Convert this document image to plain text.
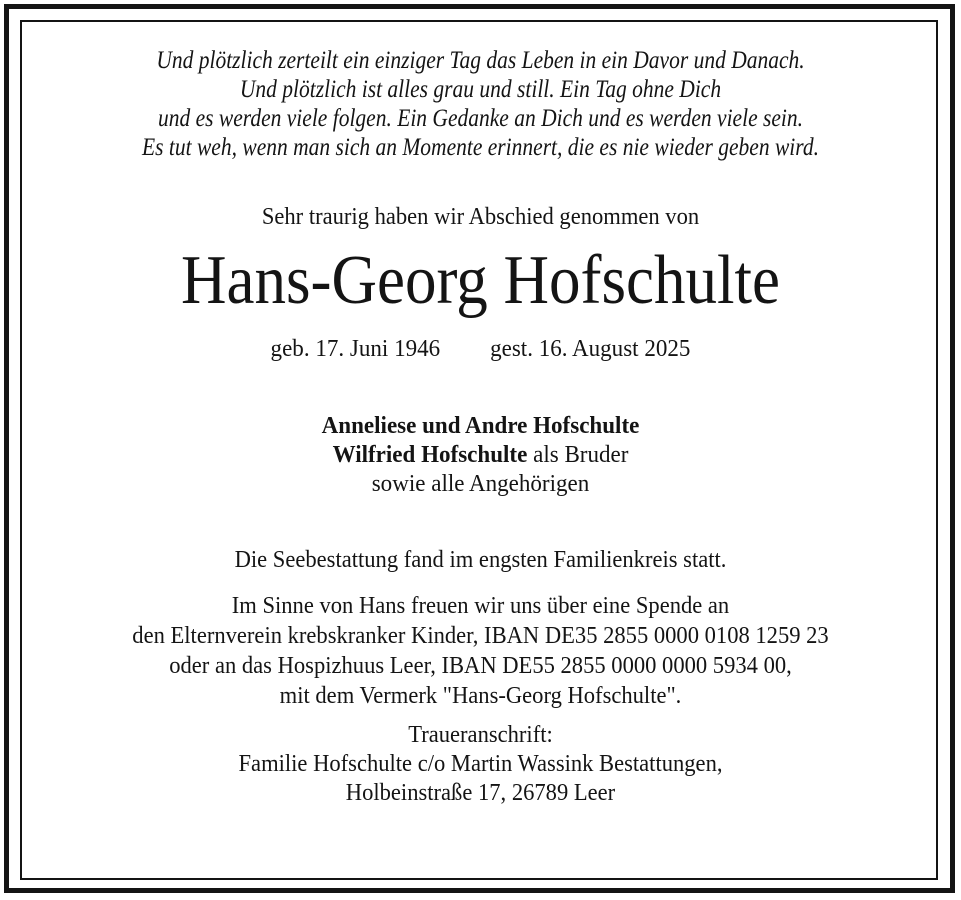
Und plötzlich zerteilt ein einziger Tag das Leben in ein Davor und Danach.
Und plötzlich ist alles grau und still. Ein Tag ohne Dich
und es werden viele folgen. Ein Gedanke an Dich und es werden viele sein.
Es tut weh, wenn man sich an Momente erinnert, die es nie wieder geben wird.
Sehr traurig haben wir Abschied genommen von
Hans-Georg Hofschulte
geb. 17. Juni 1946 gest. 16. August 2025
Anneliese und Andre Hofschulte
Wilfried Hofschulte als Bruder
sowie alle Angehörigen
Die Seebestattung fand im engsten Familienkreis statt.
Im Sinne von Hans freuen wir uns über eine Spende an
den Elternverein krebskranker Kinder, IBAN DE35 2855 0000 0108 1259 23
oder an das Hospizhuus Leer, IBAN DE55 2855 0000 0000 5934 00,
mit dem Vermerk "Hans-Georg Hofschulte".
Traueranschrift:
Familie Hofschulte c/o Martin Wassink Bestattungen,
Holbeinstraße 17, 26789 Leer
